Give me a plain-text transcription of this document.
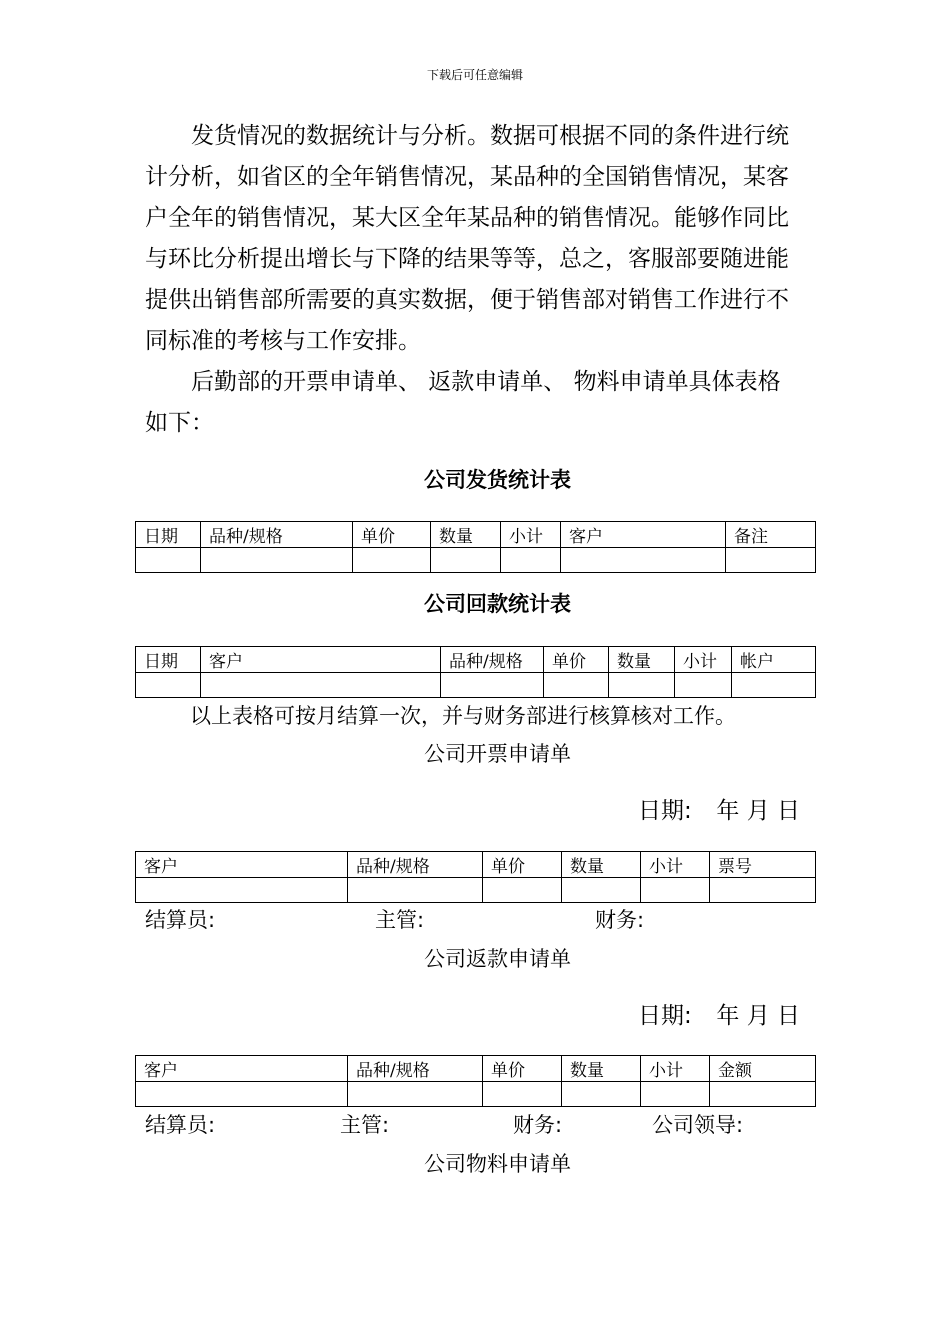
下载后可任意编辑

发货情况的数据统计与分析。数据可根据不同的条件进行统计分析，如省区的全年销售情况，某品种的全国销售情况，某客户全年的销售情况，某大区全年某品种的销售情况。能够作同比与环比分析提出增长与下降的结果等等，总之，客服部要随进能提供出销售部所需要的真实数据，便于销售部对销售工作进行不同标准的考核与工作安排。

后勤部的开票申请单、 返款申请单、 物料申请单具体表格如下：

公司发货统计表
日期	品种/规格	单价	数量	小计	客户	备注

公司回款统计表
日期	客户	品种/规格	单价	数量	小计	帐户

以上表格可按月结算一次，并与财务部进行核算核对工作。
公司开票申请单
日期: 年 月 日
客户	品种/规格	单价	数量	小计	票号

结算员:	主管:	财务:
公司返款申请单
日期: 年 月 日
客户	品种/规格	单价	数量	小计	金额

结算员:	主管:	财务:	公司领导:
公司物料申请单
